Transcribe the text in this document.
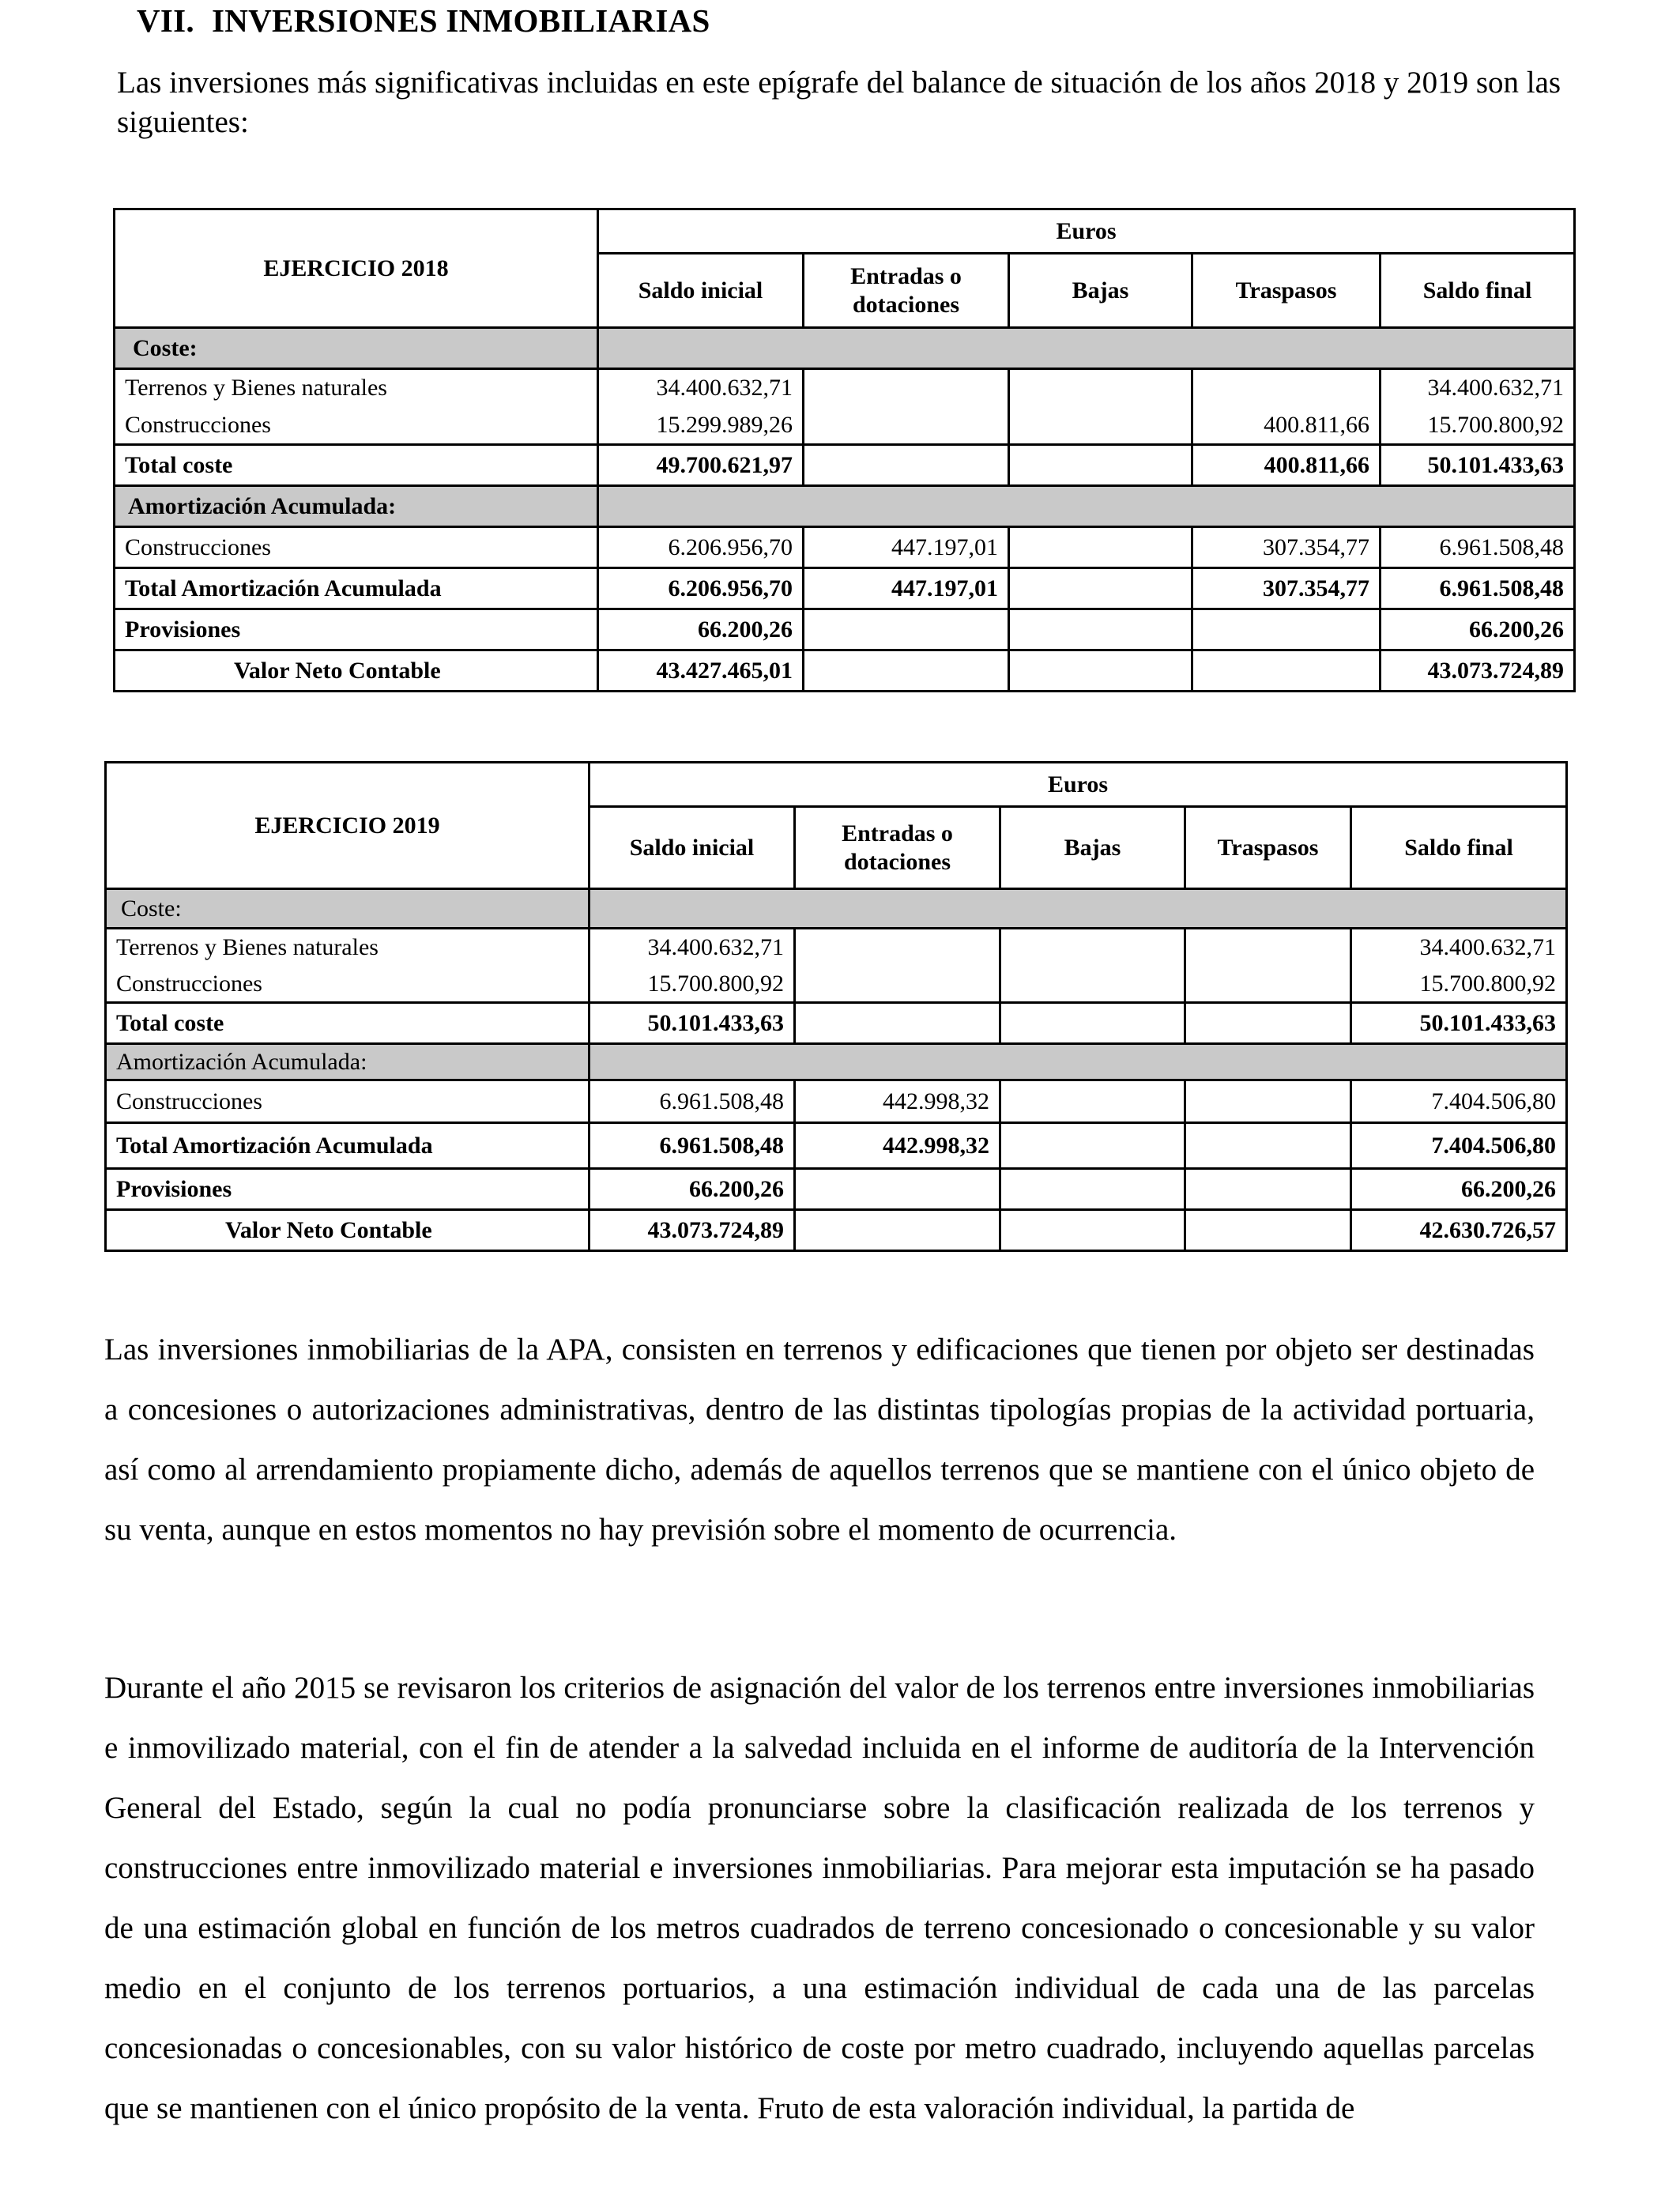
VII. INVERSIONES INMOBILIARIAS
Las inversiones más significativas incluidas en este epígrafe del balance de situación de los años 2018 y 2019 son las siguientes:
EJERCICIO 2018	Euros				
	Saldo inicial	Entradas o dotaciones	Bajas	Traspasos	Saldo final
Coste:					
Terrenos y Bienes naturales	34.400.632,71				34.400.632,71
Construcciones	15.299.989,26			400.811,66	15.700.800,92
Total coste	49.700.621,97			400.811,66	50.101.433,63
Amortización Acumulada:					
Construcciones	6.206.956,70	447.197,01		307.354,77	6.961.508,48
Total Amortización Acumulada	6.206.956,70	447.197,01		307.354,77	6.961.508,48
Provisiones	66.200,26				66.200,26
Valor Neto Contable	43.427.465,01				43.073.724,89
EJERCICIO 2019	Euros				
	Saldo inicial	Entradas o dotaciones	Bajas	Traspasos	Saldo final
Coste:					
Terrenos y Bienes naturales	34.400.632,71				34.400.632,71
Construcciones	15.700.800,92				15.700.800,92
Total coste	50.101.433,63				50.101.433,63
Amortización Acumulada:					
Construcciones	6.961.508,48	442.998,32			7.404.506,80
Total Amortización Acumulada	6.961.508,48	442.998,32			7.404.506,80
Provisiones	66.200,26				66.200,26
Valor Neto Contable	43.073.724,89				42.630.726,57
Las inversiones inmobiliarias de la APA, consisten en terrenos y edificaciones que tienen por objeto ser destinadas a concesiones o autorizaciones administrativas, dentro de las distintas tipologías propias de la actividad portuaria, así como al arrendamiento propiamente dicho, además de aquellos terrenos que se mantiene con el único objeto de su venta, aunque en estos momentos no hay previsión sobre el momento de ocurrencia.
Durante el año 2015 se revisaron los criterios de asignación del valor de los terrenos entre inversiones inmobiliarias e inmovilizado material, con el fin de atender a la salvedad incluida en el informe de auditoría de la Intervención General del Estado, según la cual no podía pronunciarse sobre la clasificación realizada de los terrenos y construcciones entre inmovilizado material e inversiones inmobiliarias. Para mejorar esta imputación se ha pasado de una estimación global en función de los metros cuadrados de terreno concesionado o concesionable y su valor medio en el conjunto de los terrenos portuarios, a una estimación individual de cada una de las parcelas concesionadas o concesionables, con su valor histórico de coste por metro cuadrado, incluyendo aquellas parcelas que se mantienen con el único propósito de la venta. Fruto de esta valoración individual, la partida de
